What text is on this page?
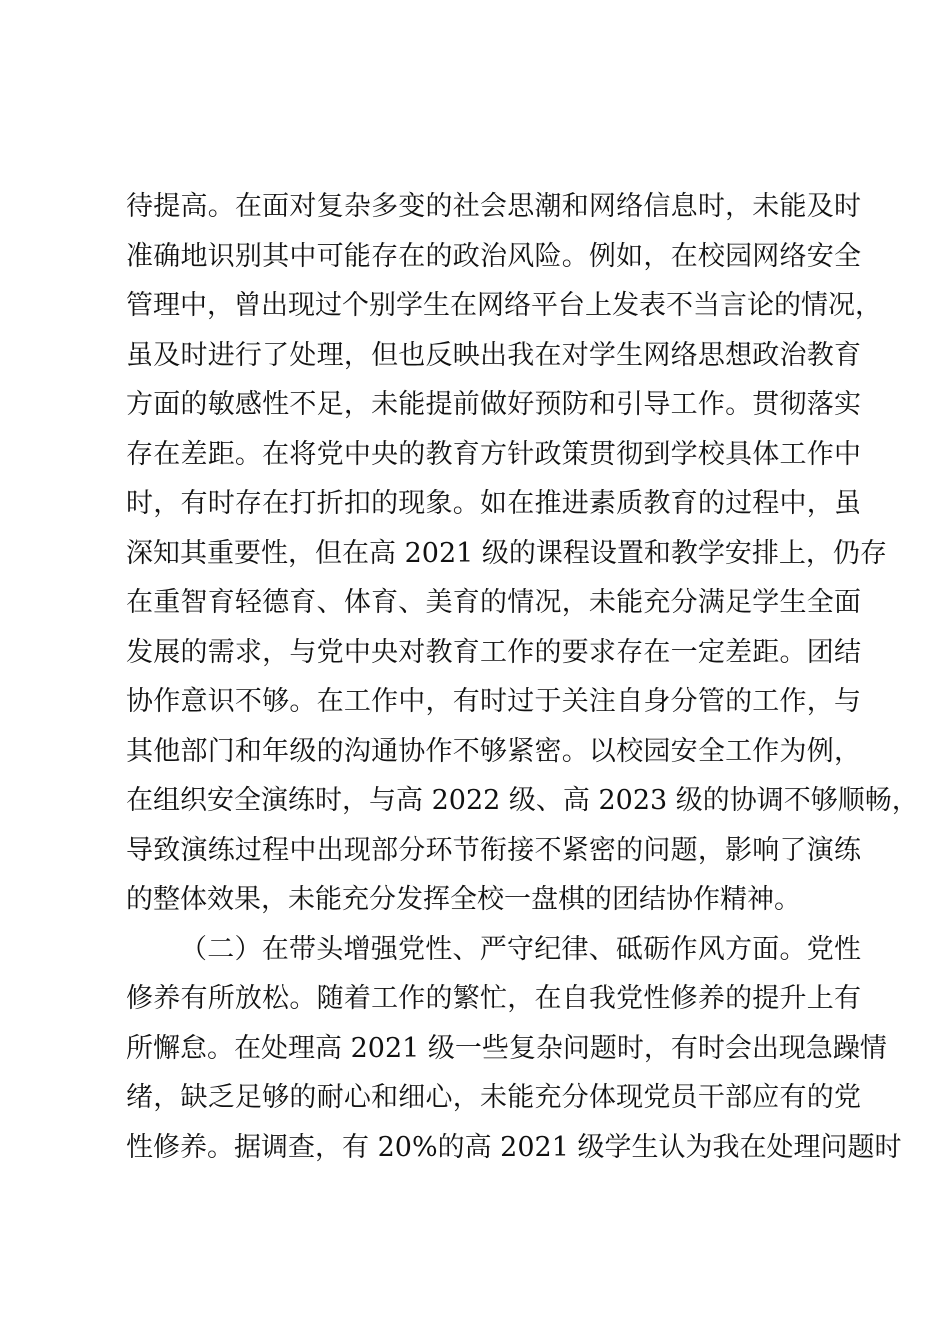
待提高。在面对复杂多变的社会思潮和网络信息时，未能及时
准确地识别其中可能存在的政治风险。例如，在校园网络安全
管理中，曾出现过个别学生在网络平台上发表不当言论的情况，
虽及时进行了处理，但也反映出我在对学生网络思想政治教育
方面的敏感性不足，未能提前做好预防和引导工作。贯彻落实
存在差距。在将党中央的教育方针政策贯彻到学校具体工作中
时，有时存在打折扣的现象。如在推进素质教育的过程中，虽
深知其重要性，但在高 2021 级的课程设置和教学安排上，仍存
在重智育轻德育、体育、美育的情况，未能充分满足学生全面
发展的需求，与党中央对教育工作的要求存在一定差距。团结
协作意识不够。在工作中，有时过于关注自身分管的工作，与
其他部门和年级的沟通协作不够紧密。以校园安全工作为例，
在组织安全演练时，与高 2022 级、高 2023 级的协调不够顺畅，
导致演练过程中出现部分环节衔接不紧密的问题，影响了演练
的整体效果，未能充分发挥全校一盘棋的团结协作精神。
（二）在带头增强党性、严守纪律、砥砺作风方面。党性
修养有所放松。随着工作的繁忙，在自我党性修养的提升上有
所懈怠。在处理高 2021 级一些复杂问题时，有时会出现急躁情
绪，缺乏足够的耐心和细心，未能充分体现党员干部应有的党
性修养。据调查，有 20%的高 2021 级学生认为我在处理问题时
